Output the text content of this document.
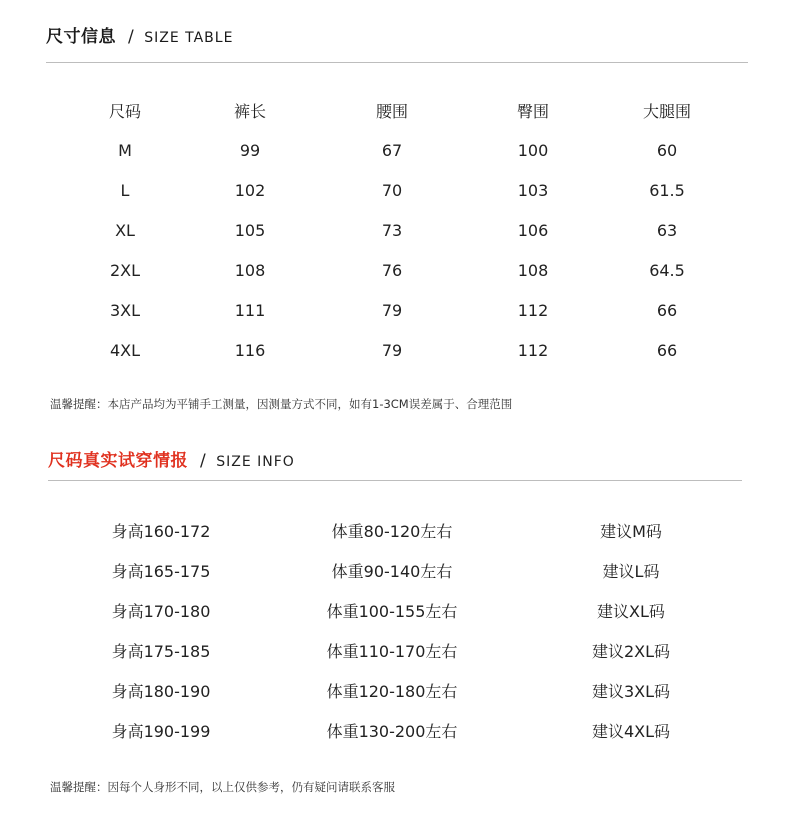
尺寸信息 / SIZE TABLE
尺码	裤长	腰围	臀围	大腿围
M	99	67	100	60
L	102	70	103	61.5
XL	105	73	106	63
2XL	108	76	108	64.5
3XL	111	79	112	66
4XL	116	79	112	66
温馨提醒：本店产品均为平铺手工测量，因测量方式不同，如有1-3CM误差属于、合理范围
尺码真实试穿情报 / SIZE INFO
身高160-172	体重80-120左右	建议M码
身高165-175	体重90-140左右	建议L码
身高170-180	体重100-155左右	建议XL码
身高175-185	体重110-170左右	建议2XL码
身高180-190	体重120-180左右	建议3XL码
身高190-199	体重130-200左右	建议4XL码
温馨提醒：因每个人身形不同，以上仅供参考，仍有疑问请联系客服
